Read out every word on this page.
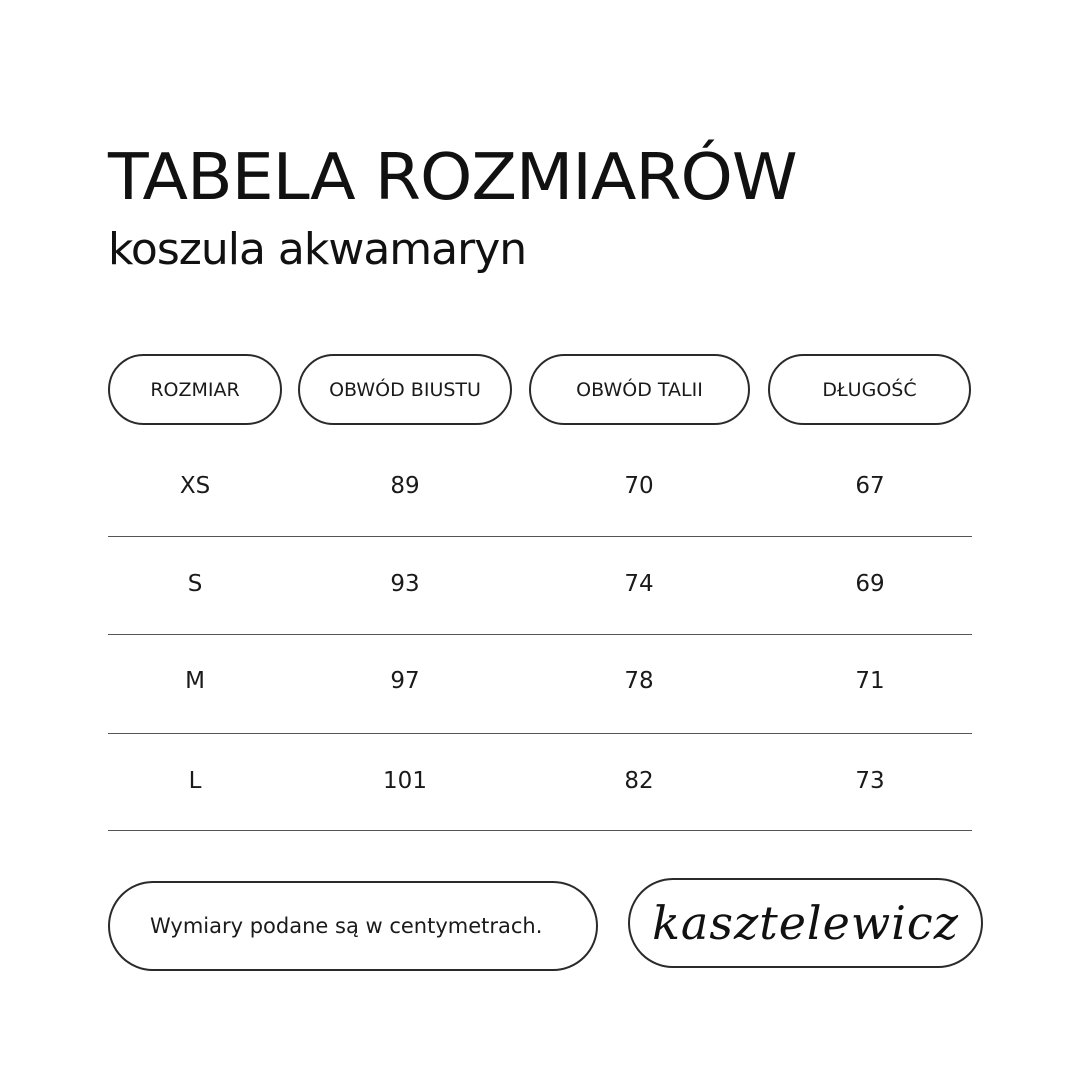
TABELA ROZMIARÓW
koszula akwamaryn
ROZMIAR	OBWÓD BIUSTU	OBWÓD TALII	DŁUGOŚĆ
XS	89	70	67
S	93	74	69
M	97	78	71
L	101	82	73
Wymiary podane są w centymetrach.	kasztelewicz
